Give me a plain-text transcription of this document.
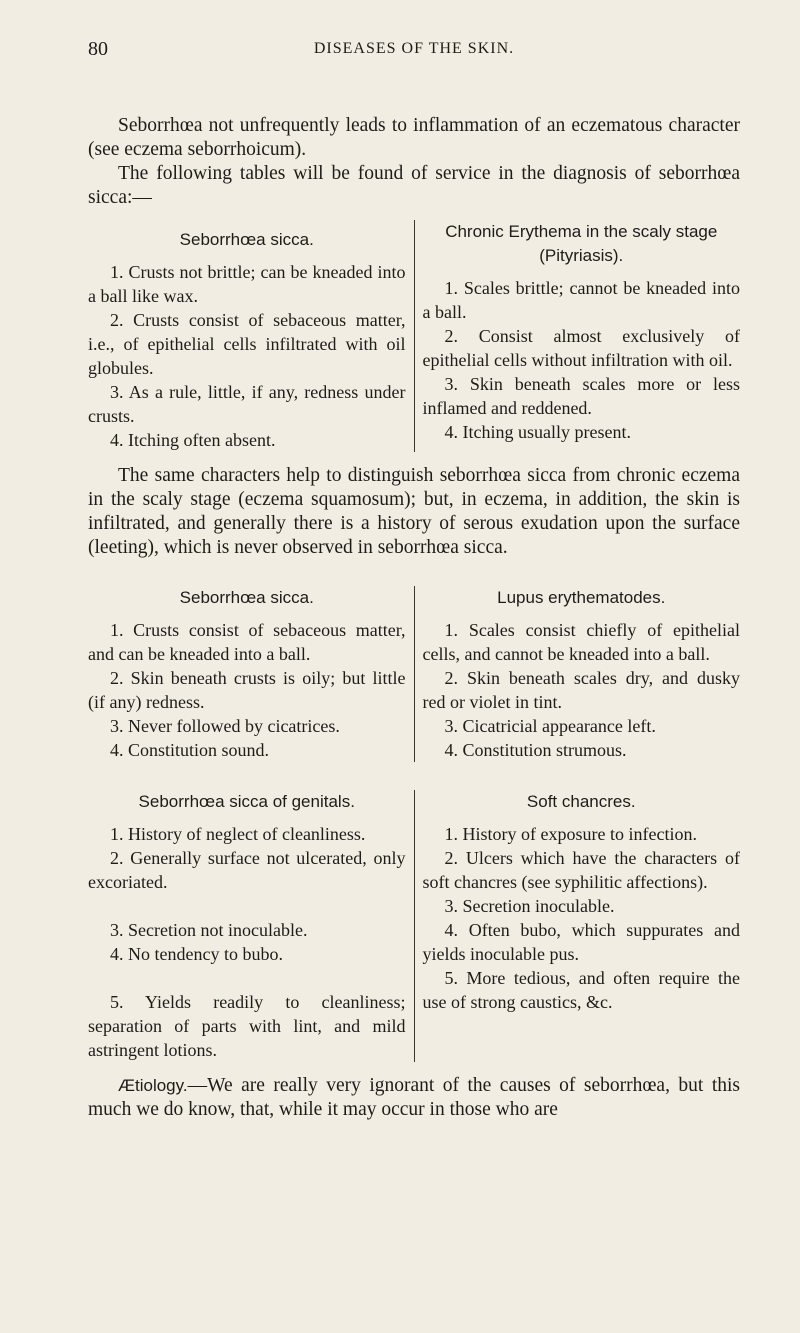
80	DISEASES OF THE SKIN.

Seborrhœa not unfrequently leads to inflammation of an eczematous character (see eczema seborrhoicum).

The following tables will be found of service in the diagnosis of seborrhœa sicca:—

Seborrhœa sicca.

1. Crusts not brittle; can be kneaded into a ball like wax.

2. Crusts consist of sebaceous matter, i.e., of epithelial cells infiltrated with oil globules.

3. As a rule, little, if any, redness under crusts.

4. Itching often absent.

Chronic Erythema in the scaly stage (Pityriasis).

1. Scales brittle; cannot be kneaded into a ball.

2. Consist almost exclusively of epithelial cells without infiltration with oil.

3. Skin beneath scales more or less inflamed and reddened.

4. Itching usually present.

The same characters help to distinguish seborrhœa sicca from chronic eczema in the scaly stage (eczema squamosum); but, in eczema, in addition, the skin is infiltrated, and generally there is a history of serous exudation upon the surface (leeting), which is never observed in seborrhœa sicca.

Seborrhœa sicca.

1. Crusts consist of sebaceous matter, and can be kneaded into a ball.

2. Skin beneath crusts is oily; but little (if any) redness.

3. Never followed by cicatrices.

4. Constitution sound.

Lupus erythematodes.

1. Scales consist chiefly of epithelial cells, and cannot be kneaded into a ball.

2. Skin beneath scales dry, and dusky red or violet in tint.

3. Cicatricial appearance left.

4. Constitution strumous.

Seborrhœa sicca of genitals.

1. History of neglect of cleanliness.

2. Generally surface not ulcerated, only excoriated.

3. Secretion not inoculable.

4. No tendency to bubo.

5. Yields readily to cleanliness; separation of parts with lint, and mild astringent lotions.

Soft chancres.

1. History of exposure to infection.

2. Ulcers which have the characters of soft chancres (see syphilitic affections).

3. Secretion inoculable.

4. Often bubo, which suppurates and yields inoculable pus.

5. More tedious, and often require the use of strong caustics, &c.

Ætiology.—We are really very ignorant of the causes of seborrhœa, but this much we do know, that, while it may occur in those who are
